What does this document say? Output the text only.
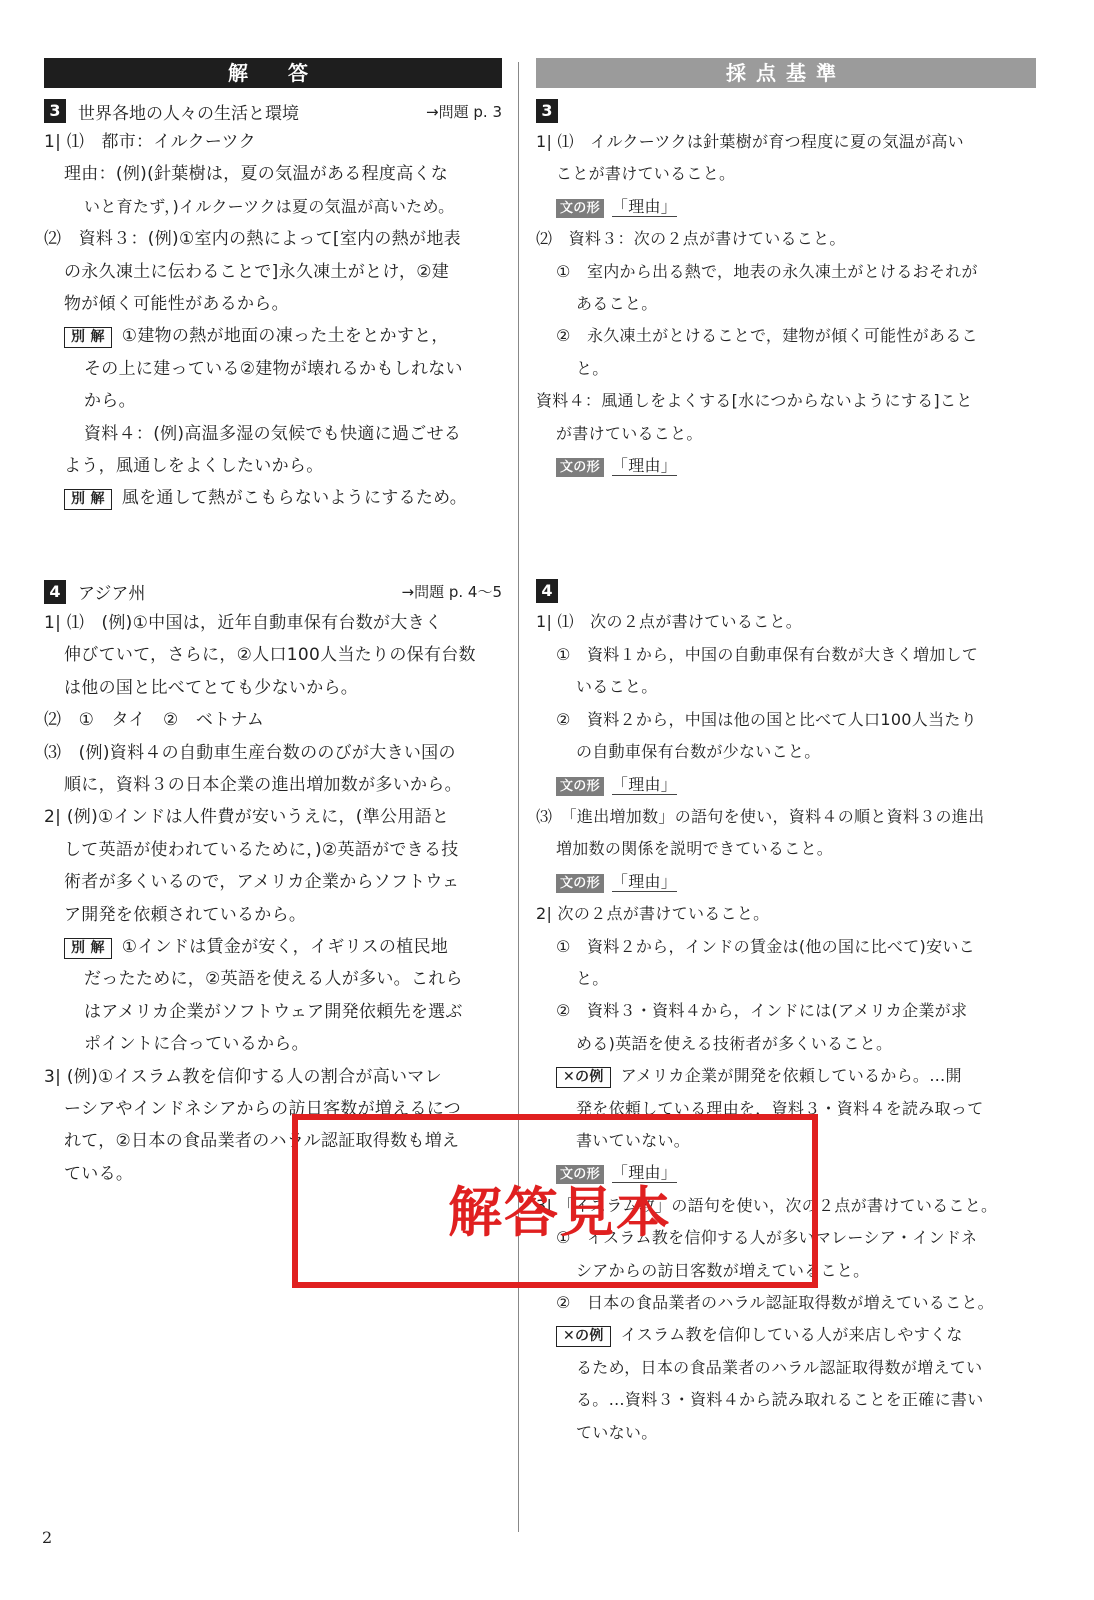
解　答
3	世界各地の人々の生活と環境	→問題 p. 3
1| ⑴　都市：イルクーツク
理由：(例)(針葉樹は，夏の気温がある程度高くな
いと育たず，)イルクーツクは夏の気温が高いため。
⑵　資料３：(例)①室内の熱によって[室内の熱が地表
の永久凍土に伝わることで]永久凍土がとけ，②建
物が傾く可能性があるから。
別 解 ①建物の熱が地面の凍った土をとかすと，
その上に建っている②建物が壊れるかもしれない
から。
資料４：(例)高温多湿の気候でも快適に過ごせる
よう，風通しをよくしたいから。
別 解 風を通して熱がこもらないようにするため。
4	アジア州	→問題 p. 4〜5
1| ⑴　(例)①中国は，近年自動車保有台数が大きく
伸びていて，さらに，②人口100人当たりの保有台数
は他の国と比べてとても少ないから。
⑵　①　タイ　②　ベトナム
⑶　(例)資料４の自動車生産台数ののびが大きい国の
順に，資料３の日本企業の進出増加数が多いから。
2| (例)①インドは人件費が安いうえに，(準公用語と
して英語が使われているために，)②英語ができる技
術者が多くいるので，アメリカ企業からソフトウェ
ア開発を依頼されているから。
別 解 ①インドは賃金が安く，イギリスの植民地
だったために，②英語を使える人が多い。これら
はアメリカ企業がソフトウェア開発依頼先を選ぶ
ポイントに合っているから。
3| (例)①イスラム教を信仰する人の割合が高いマレ
ーシアやインドネシアからの訪日客数が増えるにつ
れて，②日本の食品業者のハラル認証取得数も増え
ている。
採点基準
3
1| ⑴　イルクーツクは針葉樹が育つ程度に夏の気温が高い
ことが書けていること。
文の形 「理由」
⑵　資料３：次の２点が書けていること。
①　室内から出る熱で，地表の永久凍土がとけるおそれが
あること。
②　永久凍土がとけることで，建物が傾く可能性があるこ
と。
資料４：風通しをよくする[水につからないようにする]こと
が書けていること。
文の形 「理由」
4
1| ⑴　次の２点が書けていること。
①　資料１から，中国の自動車保有台数が大きく増加して
いること。
②　資料２から，中国は他の国と比べて人口100人当たり
の自動車保有台数が少ないこと。
文の形 「理由」
⑶　「進出増加数」の語句を使い，資料４の順と資料３の進出
増加数の関係を説明できていること。
文の形 「理由」
2| 次の２点が書けていること。
①　資料２から，インドの賃金は(他の国に比べて)安いこ
と。
②　資料３・資料４から，インドには(アメリカ企業が求
める)英語を使える技術者が多くいること。
✕の例 アメリカ企業が開発を依頼しているから。…開
発を依頼している理由を，資料３・資料４を読み取って
書いていない。
文の形 「理由」
3| 「イスラム教」の語句を使い，次の２点が書けていること。
①　イスラム教を信仰する人が多いマレーシア・インドネ
シアからの訪日客数が増えていること。
②　日本の食品業者のハラル認証取得数が増えていること。
✕の例 イスラム教を信仰している人が来店しやすくな
るため，日本の食品業者のハラル認証取得数が増えてい
る。…資料３・資料４から読み取れることを正確に書い
ていない。
解答見本
2
